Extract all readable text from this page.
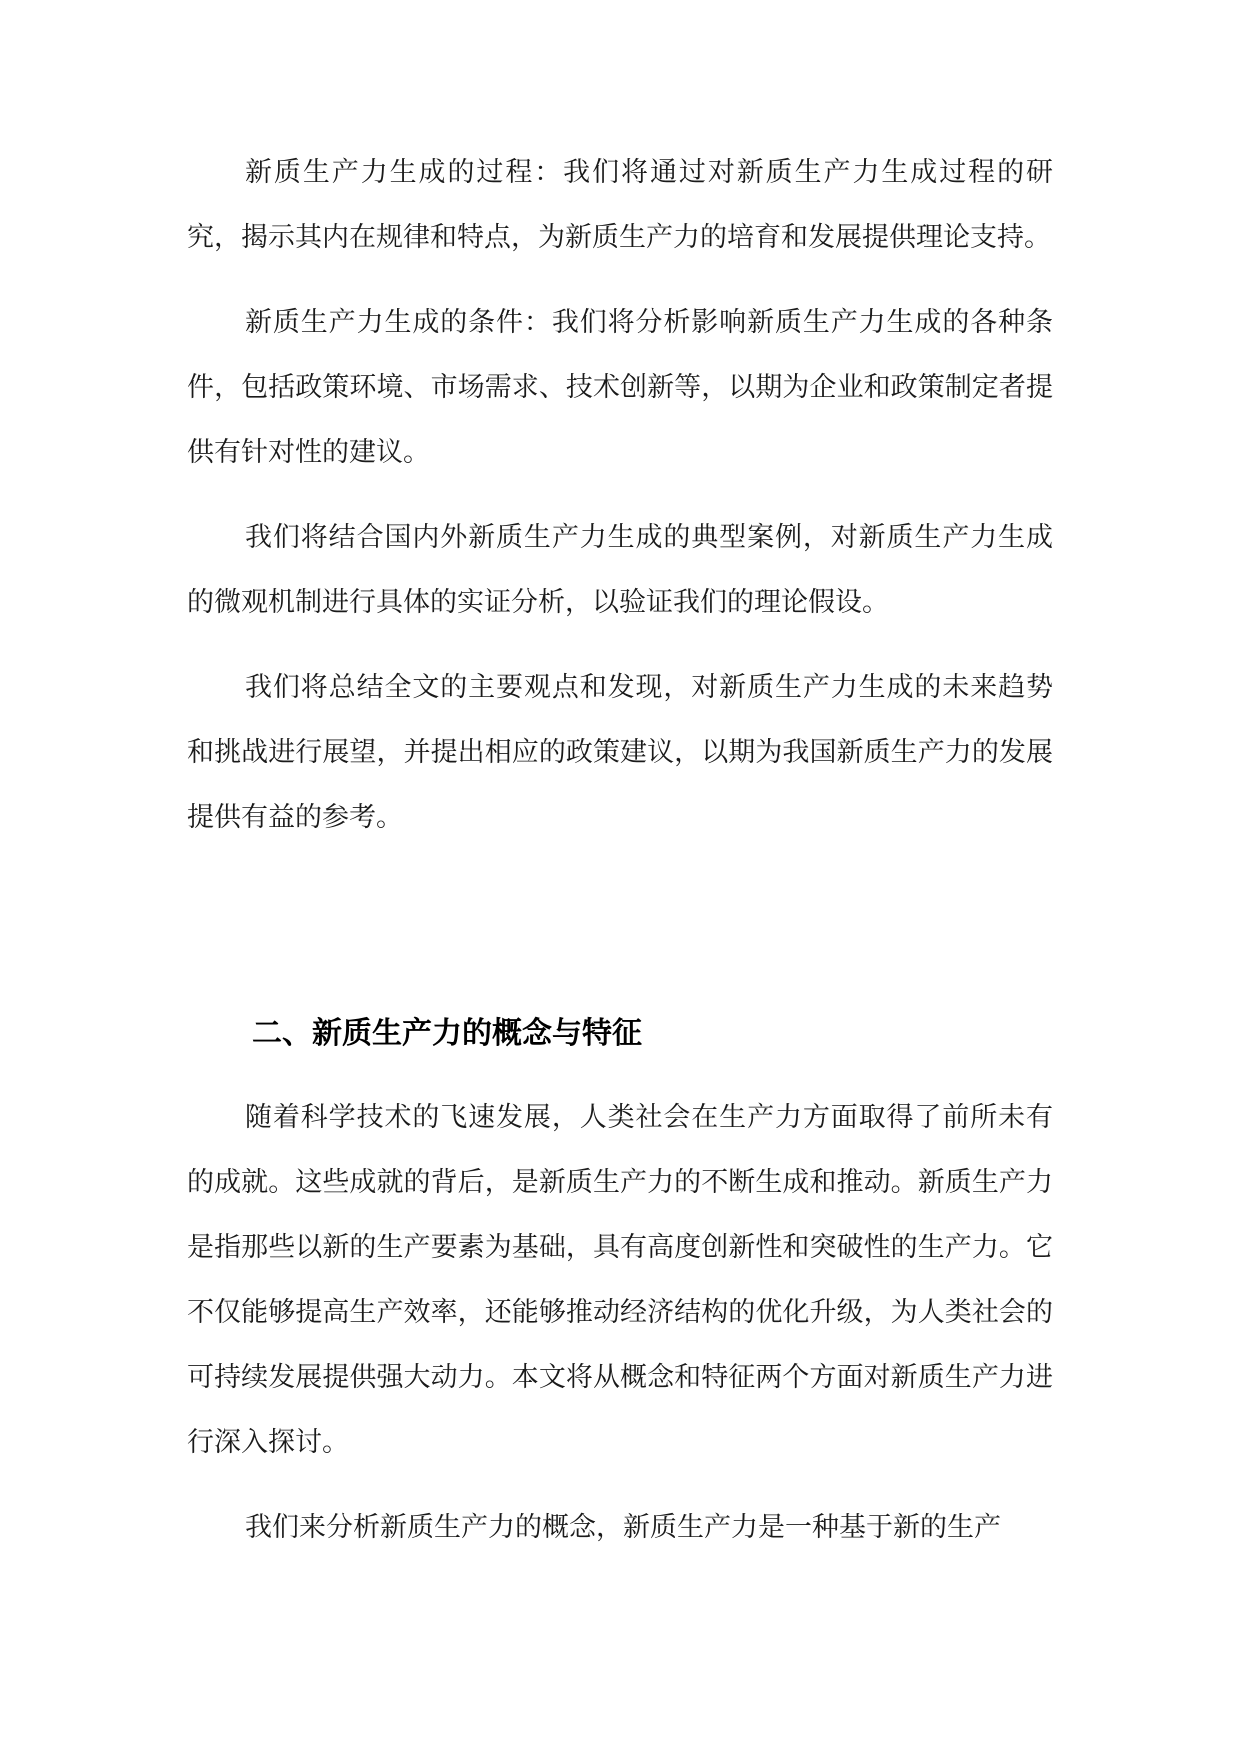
新质生产力生成的过程：我们将通过对新质生产力生成过程的研究，揭示其内在规律和特点，为新质生产力的培育和发展提供理论支持。

新质生产力生成的条件：我们将分析影响新质生产力生成的各种条件，包括政策环境、市场需求、技术创新等，以期为企业和政策制定者提供有针对性的建议。

我们将结合国内外新质生产力生成的典型案例，对新质生产力生成的微观机制进行具体的实证分析，以验证我们的理论假设。

我们将总结全文的主要观点和发现，对新质生产力生成的未来趋势和挑战进行展望，并提出相应的政策建议，以期为我国新质生产力的发展提供有益的参考。

二、新质生产力的概念与特征

随着科学技术的飞速发展，人类社会在生产力方面取得了前所未有的成就。这些成就的背后，是新质生产力的不断生成和推动。新质生产力是指那些以新的生产要素为基础，具有高度创新性和突破性的生产力。它不仅能够提高生产效率，还能够推动经济结构的优化升级，为人类社会的可持续发展提供强大动力。本文将从概念和特征两个方面对新质生产力进行深入探讨。

我们来分析新质生产力的概念，新质生产力是一种基于新的生产
